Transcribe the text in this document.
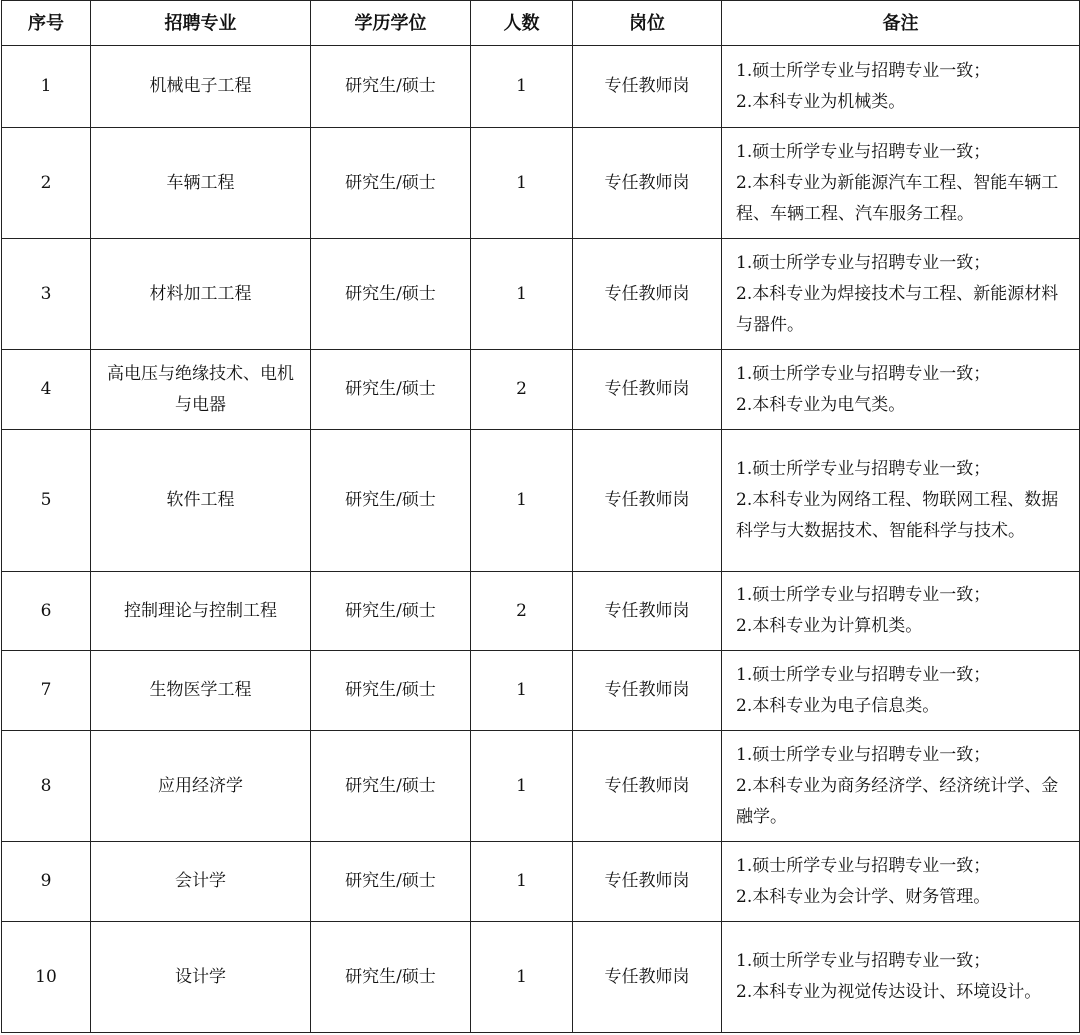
序号	招聘专业	学历学位	人数	岗位	备注
1	机械电子工程	研究生/硕士	1	专任教师岗	1.硕士所学专业与招聘专业一致；
2.本科专业为机械类。

2	车辆工程	研究生/硕士	1	专任教师岗	1.硕士所学专业与招聘专业一致；
2.本科专业为新能源汽车工程、智能车辆工程、车辆工程、汽车服务工程。

3	材料加工工程	研究生/硕士	1	专任教师岗	1.硕士所学专业与招聘专业一致；
2.本科专业为焊接技术与工程、新能源材料与器件。

4	高电压与绝缘技术、电机与电器	研究生/硕士	2	专任教师岗	1.硕士所学专业与招聘专业一致；
2.本科专业为电气类。

5	软件工程	研究生/硕士	1	专任教师岗	1.硕士所学专业与招聘专业一致；
2.本科专业为网络工程、物联网工程、数据科学与大数据技术、智能科学与技术。

6	控制理论与控制工程	研究生/硕士	2	专任教师岗	1.硕士所学专业与招聘专业一致；
2.本科专业为计算机类。

7	生物医学工程	研究生/硕士	1	专任教师岗	1.硕士所学专业与招聘专业一致；
2.本科专业为电子信息类。

8	应用经济学	研究生/硕士	1	专任教师岗	1.硕士所学专业与招聘专业一致；
2.本科专业为商务经济学、经济统计学、金融学。

9	会计学	研究生/硕士	1	专任教师岗	1.硕士所学专业与招聘专业一致；
2.本科专业为会计学、财务管理。

10	设计学	研究生/硕士	1	专任教师岗	1.硕士所学专业与招聘专业一致；
2.本科专业为视觉传达设计、环境设计。
